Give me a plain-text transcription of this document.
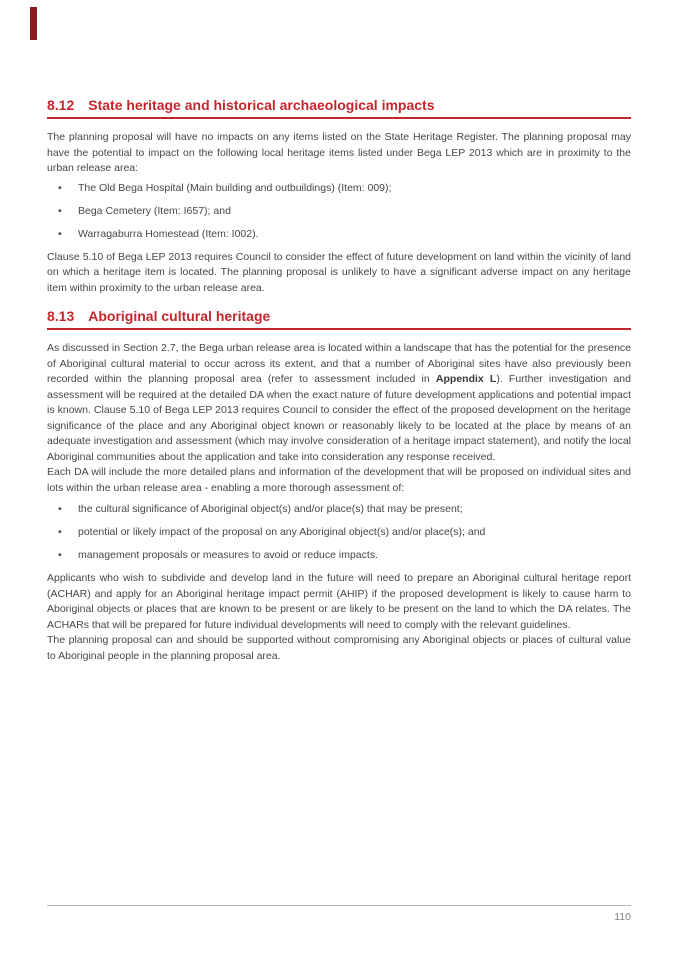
8.12 State heritage and historical archaeological impacts

The planning proposal will have no impacts on any items listed on the State Heritage Register. The planning proposal may have the potential to impact on the following local heritage items listed under Bega LEP 2013 which are in proximity to the urban release area:

•	The Old Bega Hospital (Main building and outbuildings) (Item: 009);
•	Bega Cemetery (Item: I657); and
•	Warragaburra Homestead (Item: I002).

Clause 5.10 of Bega LEP 2013 requires Council to consider the effect of future development on land within the vicinity of land on which a heritage item is located. The planning proposal is unlikely to have a significant adverse impact on any heritage item within proximity to the urban release area.

8.13 Aboriginal cultural heritage

As discussed in Section 2.7, the Bega urban release area is located within a landscape that has the potential for the presence of Aboriginal cultural material to occur across its extent, and that a number of Aboriginal sites have also previously been recorded within the planning proposal area (refer to assessment included in Appendix L). Further investigation and assessment will be required at the detailed DA when the exact nature of future development applications and potential impact is known. Clause 5.10 of Bega LEP 2013 requires Council to consider the effect of the proposed development on the heritage significance of the place and any Aboriginal object known or reasonably likely to be located at the place by means of an adequate investigation and assessment (which may involve consideration of a heritage impact statement), and notify the local Aboriginal communities about the application and take into consideration any response received.

Each DA will include the more detailed plans and information of the development that will be proposed on individual sites and lots within the urban release area - enabling a more thorough assessment of:

•	the cultural significance of Aboriginal object(s) and/or place(s) that may be present;
•	potential or likely impact of the proposal on any Aboriginal object(s) and/or place(s); and
•	management proposals or measures to avoid or reduce impacts.

Applicants who wish to subdivide and develop land in the future will need to prepare an Aboriginal cultural heritage report (ACHAR) and apply for an Aboriginal heritage impact permit (AHIP) if the proposed development is likely to cause harm to Aboriginal objects or places that are known to be present or are likely to be present on the land to which the DA relates. The ACHARs that will be prepared for future individual developments will need to comply with the relevant guidelines.

The planning proposal can and should be supported without compromising any Aboriginal objects or places of cultural value to Aboriginal people in the planning proposal area.

110
